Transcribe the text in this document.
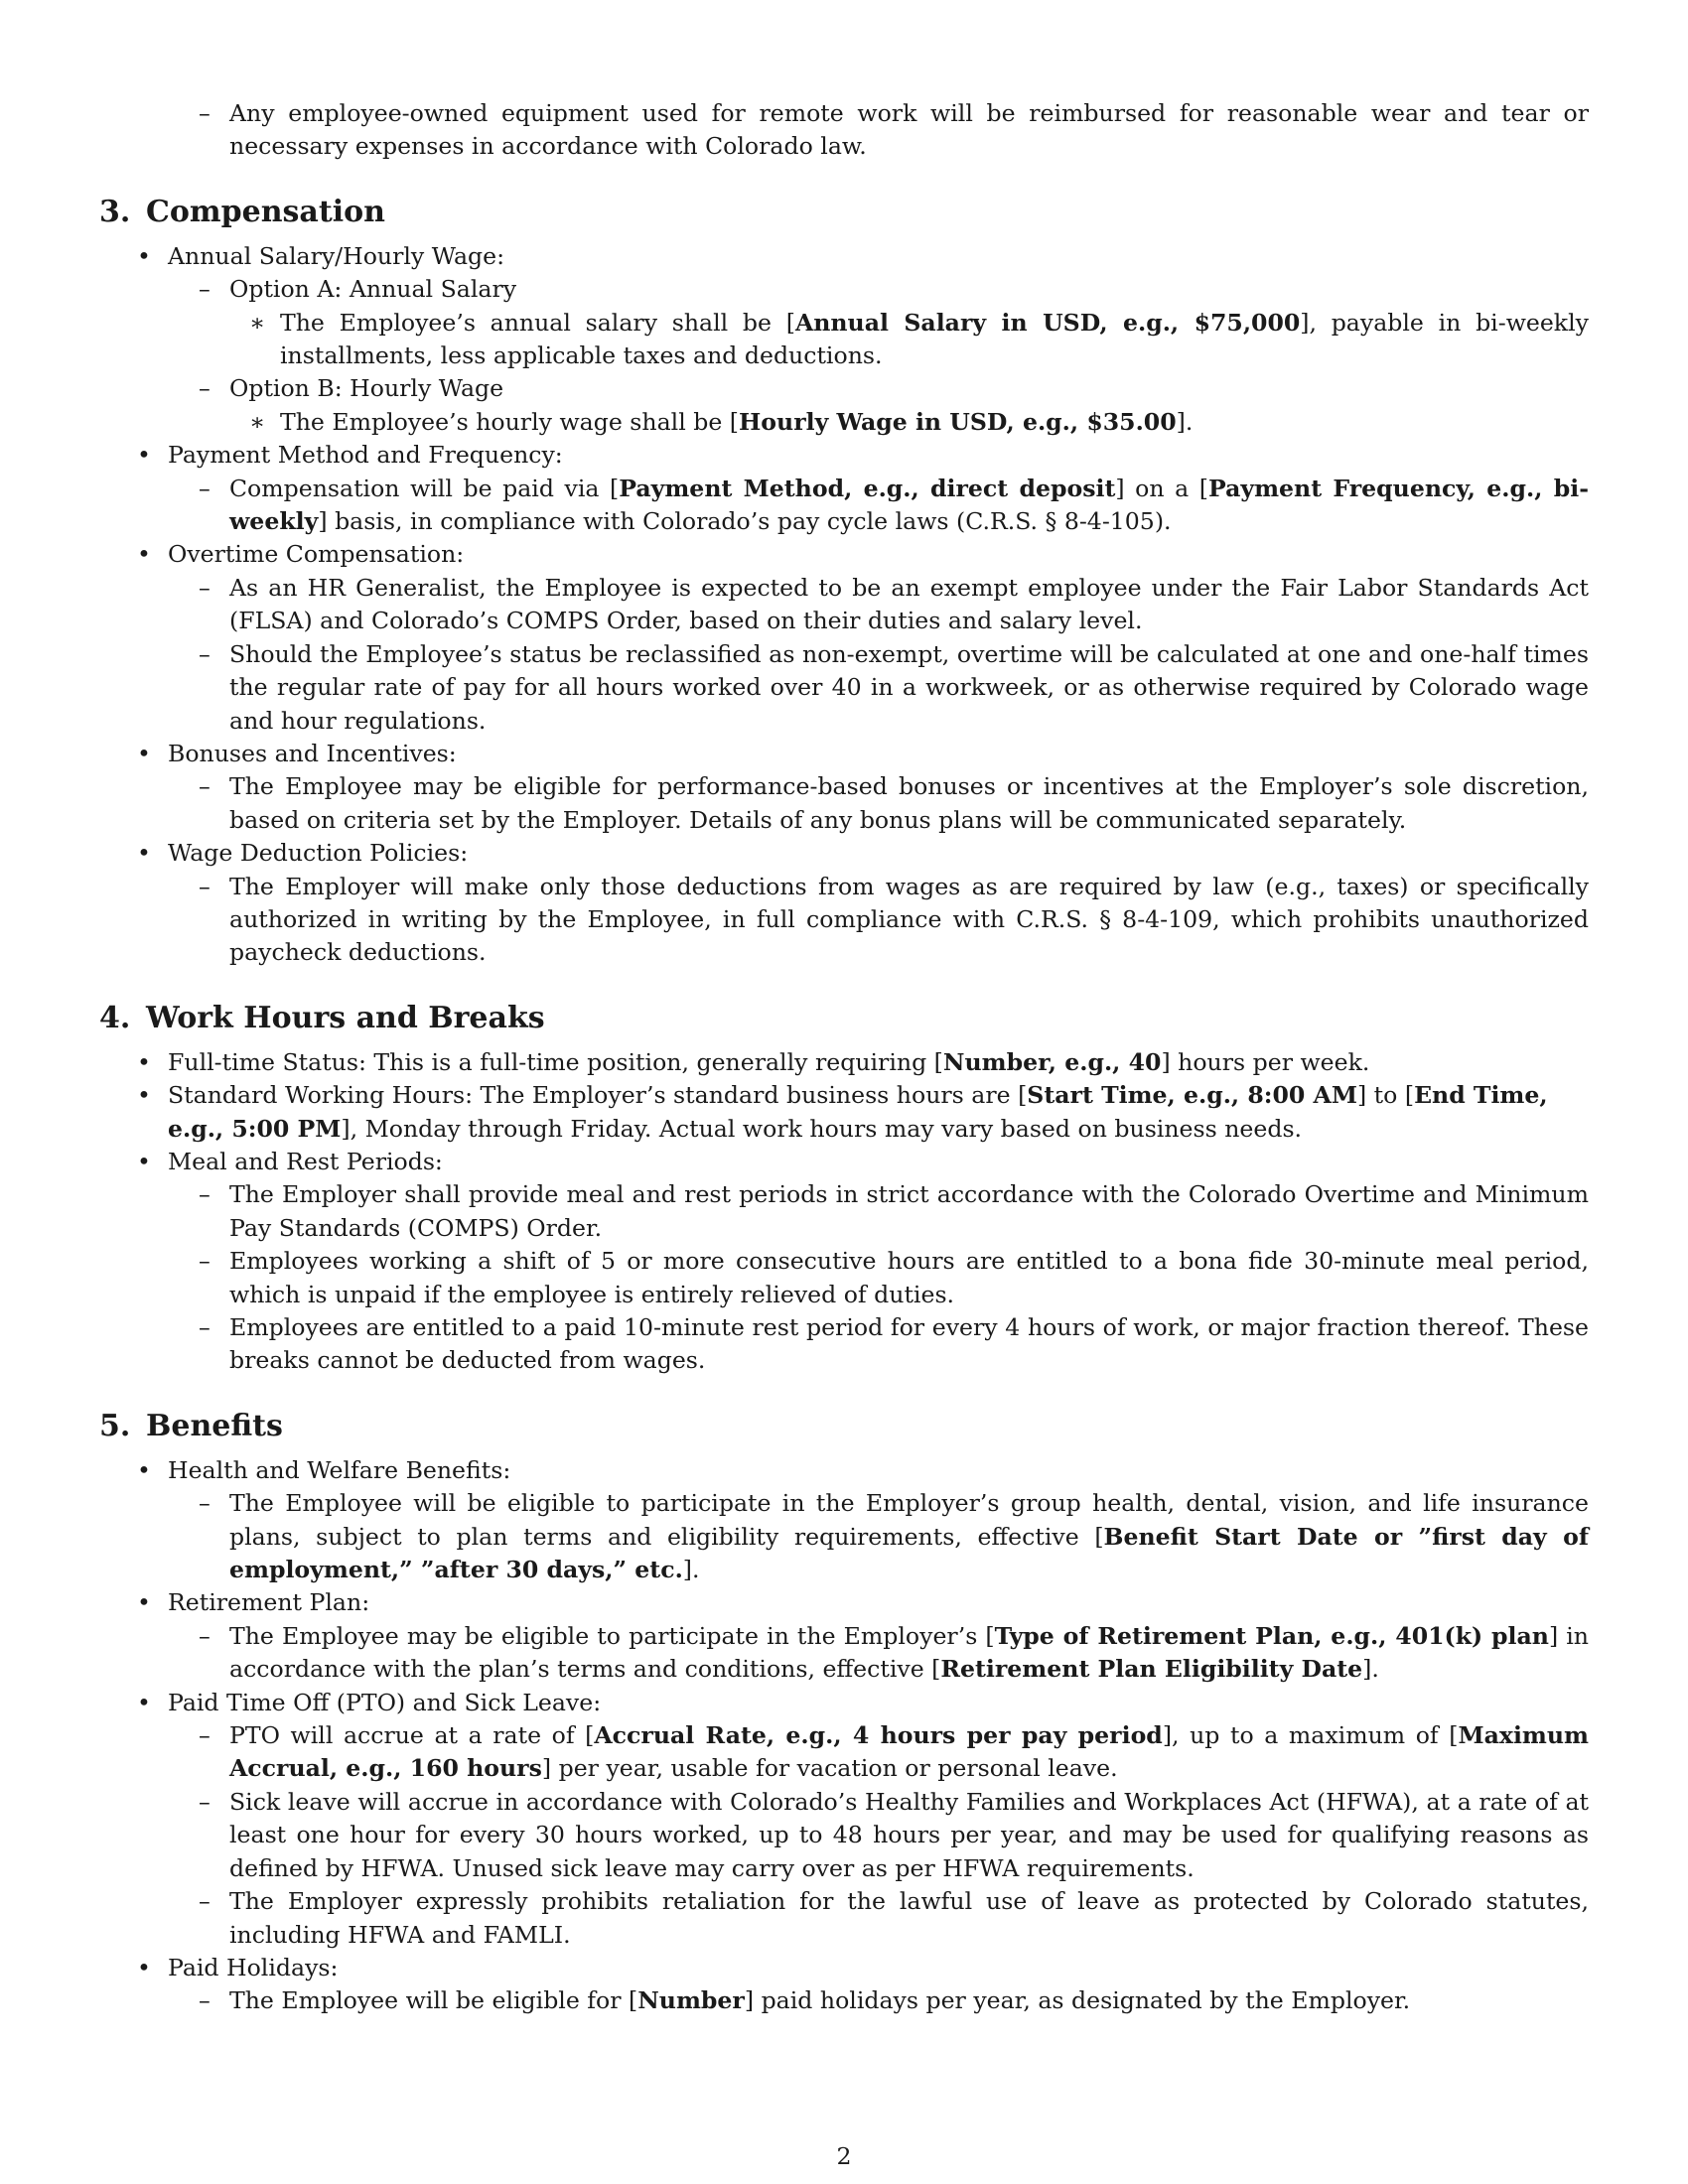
– Any employee-owned equipment used for remote work will be reimbursed for reasonable wear and tear or necessary expenses in accordance with Colorado law.
3. Compensation
• Annual Salary/Hourly Wage:
– Option A: Annual Salary
∗ The Employee’s annual salary shall be [Annual Salary in USD, e.g., $75,000], payable in bi-weekly installments, less applicable taxes and deductions.
– Option B: Hourly Wage
∗ The Employee’s hourly wage shall be [Hourly Wage in USD, e.g., $35.00].
• Payment Method and Frequency:
– Compensation will be paid via [Payment Method, e.g., direct deposit] on a [Payment Frequency, e.g., bi-weekly] basis, in compliance with Colorado’s pay cycle laws (C.R.S. § 8-4-105).
• Overtime Compensation:
– As an HR Generalist, the Employee is expected to be an exempt employee under the Fair Labor Standards Act (FLSA) and Colorado’s COMPS Order, based on their duties and salary level.
– Should the Employee’s status be reclassified as non-exempt, overtime will be calculated at one and one-half times the regular rate of pay for all hours worked over 40 in a workweek, or as otherwise required by Colorado wage and hour regulations.
• Bonuses and Incentives:
– The Employee may be eligible for performance-based bonuses or incentives at the Employer’s sole discretion, based on criteria set by the Employer. Details of any bonus plans will be communicated separately.
• Wage Deduction Policies:
– The Employer will make only those deductions from wages as are required by law (e.g., taxes) or specifically authorized in writing by the Employee, in full compliance with C.R.S. § 8-4-109, which prohibits unauthorized paycheck deductions.
4. Work Hours and Breaks
• Full-time Status: This is a full-time position, generally requiring [Number, e.g., 40] hours per week.
• Standard Working Hours: The Employer’s standard business hours are [Start Time, e.g., 8:00 AM] to [End Time, e.g., 5:00 PM], Monday through Friday. Actual work hours may vary based on business needs.
• Meal and Rest Periods:
– The Employer shall provide meal and rest periods in strict accordance with the Colorado Overtime and Minimum Pay Standards (COMPS) Order.
– Employees working a shift of 5 or more consecutive hours are entitled to a bona fide 30-minute meal period, which is unpaid if the employee is entirely relieved of duties.
– Employees are entitled to a paid 10-minute rest period for every 4 hours of work, or major fraction thereof. These breaks cannot be deducted from wages.
5. Benefits
• Health and Welfare Benefits:
– The Employee will be eligible to participate in the Employer’s group health, dental, vision, and life insurance plans, subject to plan terms and eligibility requirements, effective [Benefit Start Date or ”first day of employment,” ”after 30 days,” etc.].
• Retirement Plan:
– The Employee may be eligible to participate in the Employer’s [Type of Retirement Plan, e.g., 401(k) plan] in accordance with the plan’s terms and conditions, effective [Retirement Plan Eligibility Date].
• Paid Time Off (PTO) and Sick Leave:
– PTO will accrue at a rate of [Accrual Rate, e.g., 4 hours per pay period], up to a maximum of [Maximum Accrual, e.g., 160 hours] per year, usable for vacation or personal leave.
– Sick leave will accrue in accordance with Colorado’s Healthy Families and Workplaces Act (HFWA), at a rate of at least one hour for every 30 hours worked, up to 48 hours per year, and may be used for qualifying reasons as defined by HFWA. Unused sick leave may carry over as per HFWA requirements.
– The Employer expressly prohibits retaliation for the lawful use of leave as protected by Colorado statutes, including HFWA and FAMLI.
• Paid Holidays:
– The Employee will be eligible for [Number] paid holidays per year, as designated by the Employer.
2
